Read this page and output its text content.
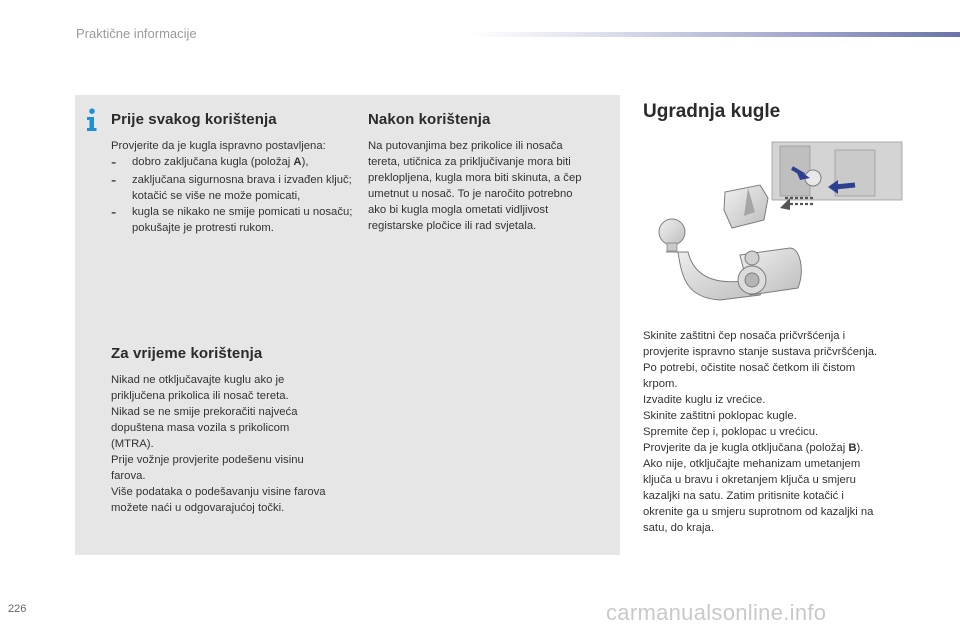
Praktične informacije
Prije svakog korištenja

Provjerite da je kugla ispravno postavljena:

-	dobro zaključana kugla (položaj A),
-	zaključana sigurnosna brava i izvađen ključ; kotačić se više ne može pomicati,
-	kugla se nikako ne smije pomicati u nosaču; pokušajte je protresti rukom.
Nakon korištenja
Na putovanjima bez prikolice ili nosača
tereta, utičnica za priključivanje mora biti
preklopljena, kugla mora biti skinuta, a čep
umetnut u nosač. To je naročito potrebno
ako bi kugla mogla ometati vidljivost
registarske pločice ili rad svjetala.
Za vrijeme korištenja
Nikad ne otključavajte kuglu ako je
priključena prikolica ili nosač tereta.
Nikad se ne smije prekoračiti najveća
dopuštena masa vozila s prikolicom
(MTRA).
Prije vožnje provjerite podešenu visinu
farova.
Više podataka o podešavanju visine farova
možete naći u odgovarajućoj točki.
Ugradnja kugle
Skinite zaštitni čep nosača pričvršćenja i
provjerite ispravno stanje sustava pričvršćenja.
Po potrebi, očistite nosač četkom ili čistom
krpom.
Izvadite kuglu iz vrećice.
Skinite zaštitni poklopac kugle.
Spremite čep i, poklopac u vrećicu.
Provjerite da je kugla otključana (položaj B).
Ako nije, otključajte mehanizam umetanjem
ključa u bravu i okretanjem ključa u smjeru
kazaljki na satu. Zatim pritisnite kotačić i
okrenite ga u smjeru suprotnom od kazaljki na
satu, do kraja.
226	carmanualsonline.info
